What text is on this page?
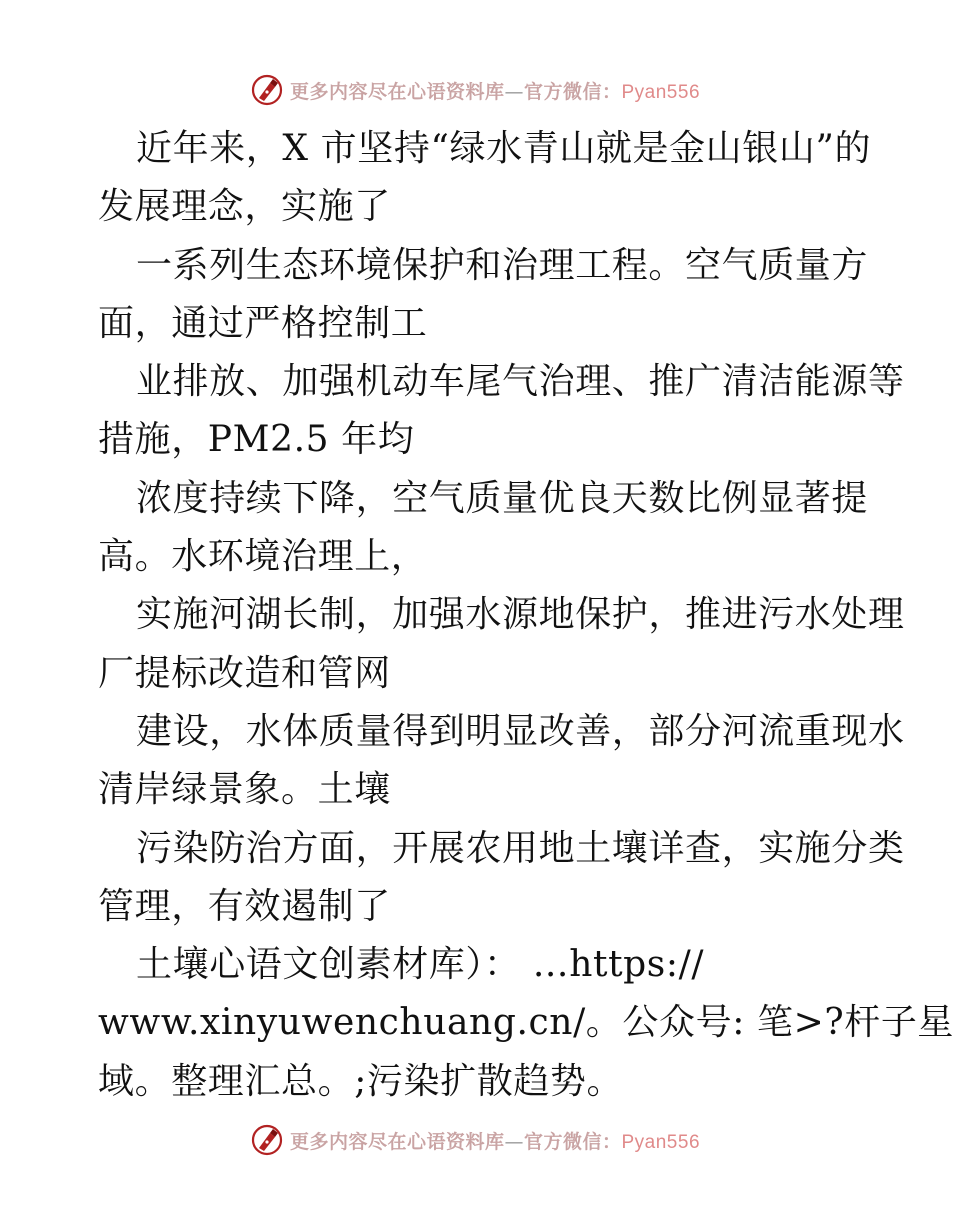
更多内容尽在心语资料库—官方微信：Pyan556
近年来，X 市坚持“绿水青山就是金山银山”的
发展理念，实施了
一系列生态环境保护和治理工程。空气质量方
面，通过严格控制工
业排放、加强机动车尾气治理、推广清洁能源等
措施，PM2.5 年均
浓度持续下降，空气质量优良天数比例显著提
高。水环境治理上，
实施河湖长制，加强水源地保护，推进污水处理
厂提标改造和管网
建设，水体质量得到明显改善，部分河流重现水
清岸绿景象。土壤
污染防治方面，开展农用地土壤详查，实施分类
管理，有效遏制了
土壤心语文创素材库）： …https://
www.xinyuwenchuang.cn/。公众号: 笔>?杆子星
域。整理汇总。;污染扩散趋势。
更多内容尽在心语资料库—官方微信：Pyan556
